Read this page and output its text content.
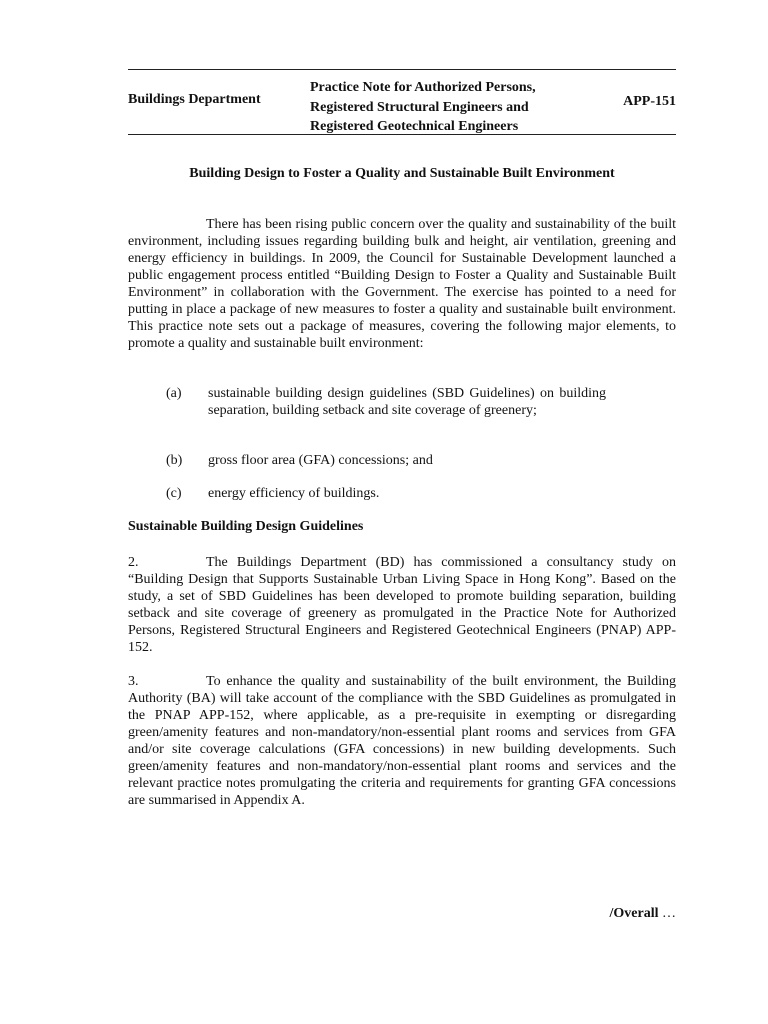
Buildings Department
Practice Note for Authorized Persons,
Registered Structural Engineers and
Registered Geotechnical Engineers
APP-151
Building Design to Foster a Quality and Sustainable Built Environment

There has been rising public concern over the quality and sustainability of the built environment, including issues regarding building bulk and height, air ventilation, greening and energy efficiency in buildings. In 2009, the Council for Sustainable Development launched a public engagement process entitled “Building Design to Foster a Quality and Sustainable Built Environment” in collaboration with the Government. The exercise has pointed to a need for putting in place a package of new measures to foster a quality and sustainable built environment. This practice note sets out a package of measures, covering the following major elements, to promote a quality and sustainable built environment:

(a)	sustainable building design guidelines (SBD Guidelines) on building separation, building setback and site coverage of greenery;
(b)	gross floor area (GFA) concessions; and
(c)	energy efficiency of buildings.
Sustainable Building Design Guidelines

2.	The Buildings Department (BD) has commissioned a consultancy study on “Building Design that Supports Sustainable Urban Living Space in Hong Kong”. Based on the study, a set of SBD Guidelines has been developed to promote building separation, building setback and site coverage of greenery as promulgated in the Practice Note for Authorized Persons, Registered Structural Engineers and Registered Geotechnical Engineers (PNAP) APP-152.

3.	To enhance the quality and sustainability of the built environment, the Building Authority (BA) will take account of the compliance with the SBD Guidelines as promulgated in the PNAP APP-152, where applicable, as a pre-requisite in exempting or disregarding green/amenity features and non-mandatory/non-essential plant rooms and services from GFA and/or site coverage calculations (GFA concessions) in new building developments. Such green/amenity features and non-mandatory/non-essential plant rooms and services and the relevant practice notes promulgating the criteria and requirements for granting GFA concessions are summarised in Appendix A.

/Overall …
